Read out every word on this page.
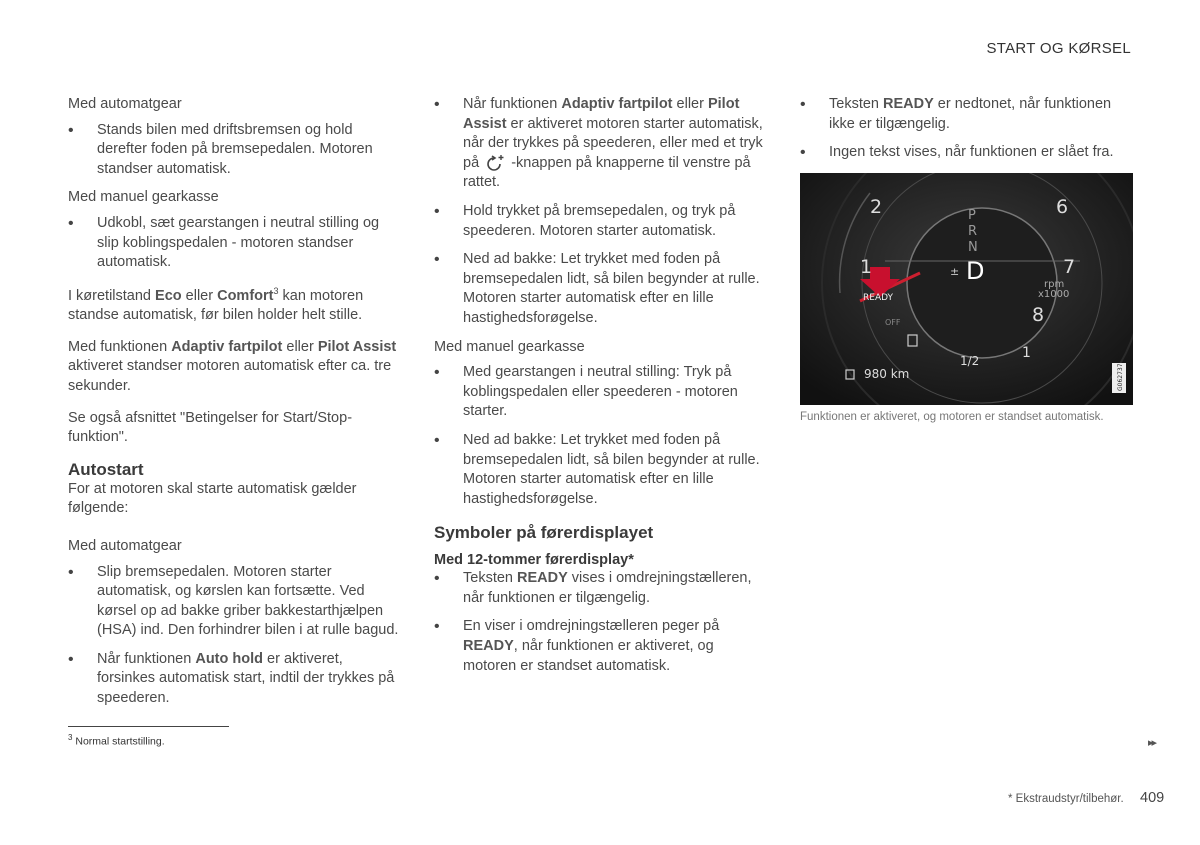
START OG KØRSEL

Med automatgear

• Stands bilen med driftsbremsen og hold derefter foden på bremsepedalen. Motoren standser automatisk.

Med manuel gearkasse

• Udkobl, sæt gearstangen i neutral stilling og slip koblingspedalen - motoren standser automatisk.

I køretilstand Eco eller Comfort$^3$ kan motoren standse automatisk, før bilen holder helt stille.

Med funktionen Adaptiv fartpilot eller Pilot Assist aktiveret standser motoren automatisk efter ca. tre sekunder.

Se også afsnittet "Betingelser for Start/Stop-funktion".

Autostart

For at motoren skal starte automatisk gælder følgende:

Med automatgear

• Slip bremsepedalen. Motoren starter automatisk, og kørslen kan fortsætte. Ved kørsel op ad bakke griber bakkestarthjælpen (HSA) ind. Den forhindrer bilen i at rulle bagud.
• Når funktionen Auto hold er aktiveret, forsinkes automatisk start, indtil der trykkes på speederen.
• Når funktionen Adaptiv fartpilot eller Pilot Assist er aktiveret motoren starter automatisk, når der trykkes på speederen, eller med et tryk på  -knappen på knapperne til venstre på rattet.
• Hold trykket på bremsepedalen, og tryk på speederen. Motoren starter automatisk.
• Ned ad bakke: Let trykket med foden på bremsepedalen lidt, så bilen begynder at rulle. Motoren starter automatisk efter en lille hastighedsforøgelse.

Med manuel gearkasse

• Med gearstangen i neutral stilling: Tryk på koblingspedalen eller speederen - motoren starter.
• Ned ad bakke: Let trykket med foden på bremsepedalen lidt, så bilen begynder at rulle. Motoren starter automatisk efter en lille hastighedsforøgelse.
Symboler på førerdisplayet
Med 12-tommer førerdisplay*
• Teksten READY vises i omdrejningstælleren, når funktionen er tilgængelig.
• En viser i omdrejningstælleren peger på READY, når funktionen er aktiveret, og motoren er standset automatisk.
• Teksten READY er nedtonet, når funktionen ikke er tilgængelig.
• Ingen tekst vises, når funktionen er slået fra.
2	6
1	7
8
1
1/2
P
R
N
± D	rpm
x1000
READY
OFF
980 km	G062737
Funktionen er aktiveret, og motoren er standset automatisk.
$^3$ Normal startstilling.	▸▸
* Ekstraudstyr/tilbehør. 409
